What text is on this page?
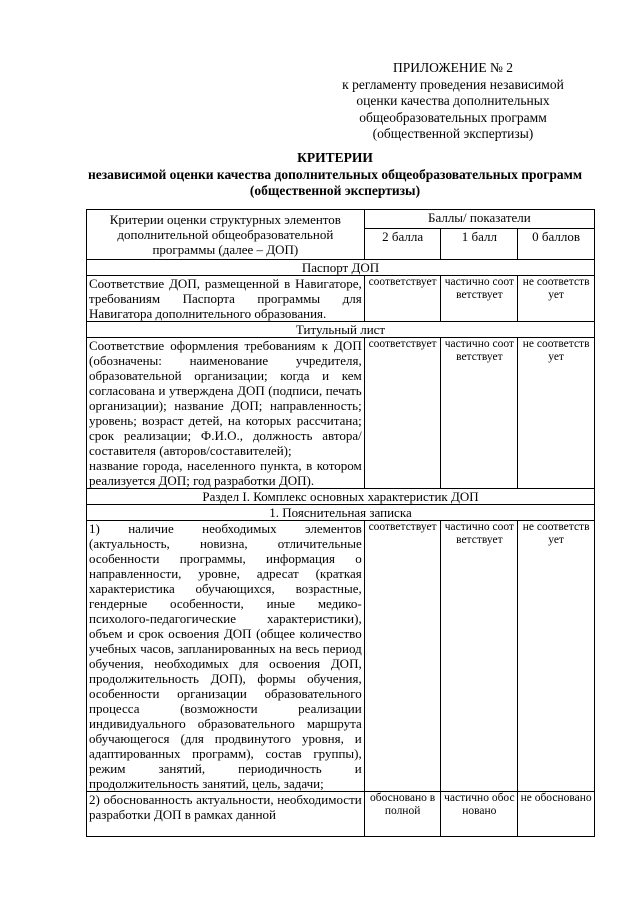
ПРИЛОЖЕНИЕ № 2
к регламенту проведения независимой
оценки качества дополнительных
общеобразовательных программ
(общественной экспертизы)
КРИТЕРИИ
независимой оценки качества дополнительных общеобразовательных программ
(общественной экспертизы)
Критерии оценки структурных элементов дополнительной общеобразовательной программы (далее – ДОП)	Баллы/ показатели		
	2 балла	1 балл	0 баллов
Паспорт ДОП			
Соответствие ДОП, размещенной в Навигаторе, требованиям Паспорта программы для Навигатора дополнительного образования.	соответствует	частично соответствует	не соответствует
Титульный лист			

Соответствие оформления требованиям к ДОП (обозначены: наименование учредителя, образовательной организации; когда и кем согласована и утверждена ДОП (подписи, печать организации); название ДОП; направленность; уровень; возраст детей, на которых рассчитана; срок реализации; Ф.И.О., должность автора/составителя (авторов/составителей);
название города, населенного пункта, в котором реализуется ДОП; год разработки ДОП).	соответствует	частично соответствует	не соответствует
Раздел I. Комплекс основных характеристик ДОП			
1. Пояснительная записка			
1) наличие необходимых элементов (актуальность, новизна, отличительные особенности программы, информация о направленности, уровне, адресат (краткая характеристика обучающихся, возрастные, гендерные особенности, иные медико-психолого-педагогические характеристики), объем и срок освоения ДОП (общее количество учебных часов, запланированных на весь период обучения, необходимых для освоения ДОП, продолжительность ДОП), формы обучения, особенности организации образовательного процесса (возможности реализации индивидуального образовательного маршрута обучающегося (для продвинутого уровня, и адаптированных программ), состав группы), режим занятий, периодичность и продолжительность занятий, цель, задачи;	соответствует	частично соответствует	не соответствует
2) обоснованность актуальности, необходимости разработки ДОП в рамках данной	обосновано в полной	частично обосновано	не обосновано
